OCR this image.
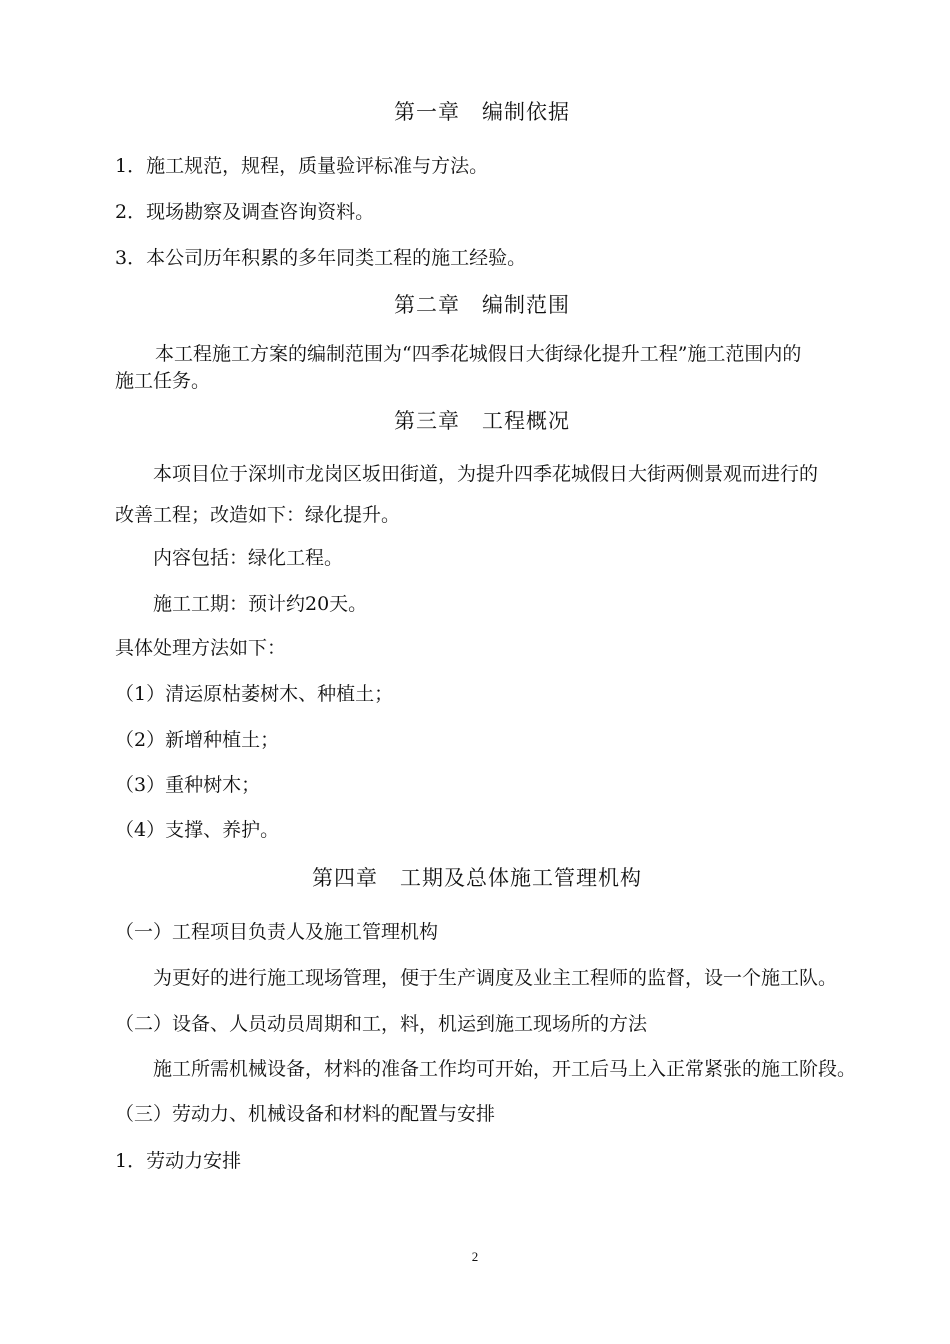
第一章　编制依据
1．施工规范，规程，质量验评标准与方法。
2．现场勘察及调查咨询资料。
3．本公司历年积累的多年同类工程的施工经验。
第二章　编制范围
本工程施工方案的编制范围为“四季花城假日大街绿化提升工程”施工范围内的
施工任务。
第三章　工程概况
本项目位于深圳市龙岗区坂田街道，为提升四季花城假日大街两侧景观而进行的
改善工程；改造如下：绿化提升。
内容包括：绿化工程。
施工工期：预计约20天。
具体处理方法如下：
（1）清运原枯萎树木、种植土；
（2）新增种植土；
（3）重种树木；
（4）支撑、养护。
第四章　工期及总体施工管理机构
（一）工程项目负责人及施工管理机构
为更好的进行施工现场管理，便于生产调度及业主工程师的监督，设一个施工队。
（二）设备、人员动员周期和工，料，机运到施工现场所的方法
施工所需机械设备，材料的准备工作均可开始，开工后马上入正常紧张的施工阶段。
（三）劳动力、机械设备和材料的配置与安排
1．劳动力安排
2
